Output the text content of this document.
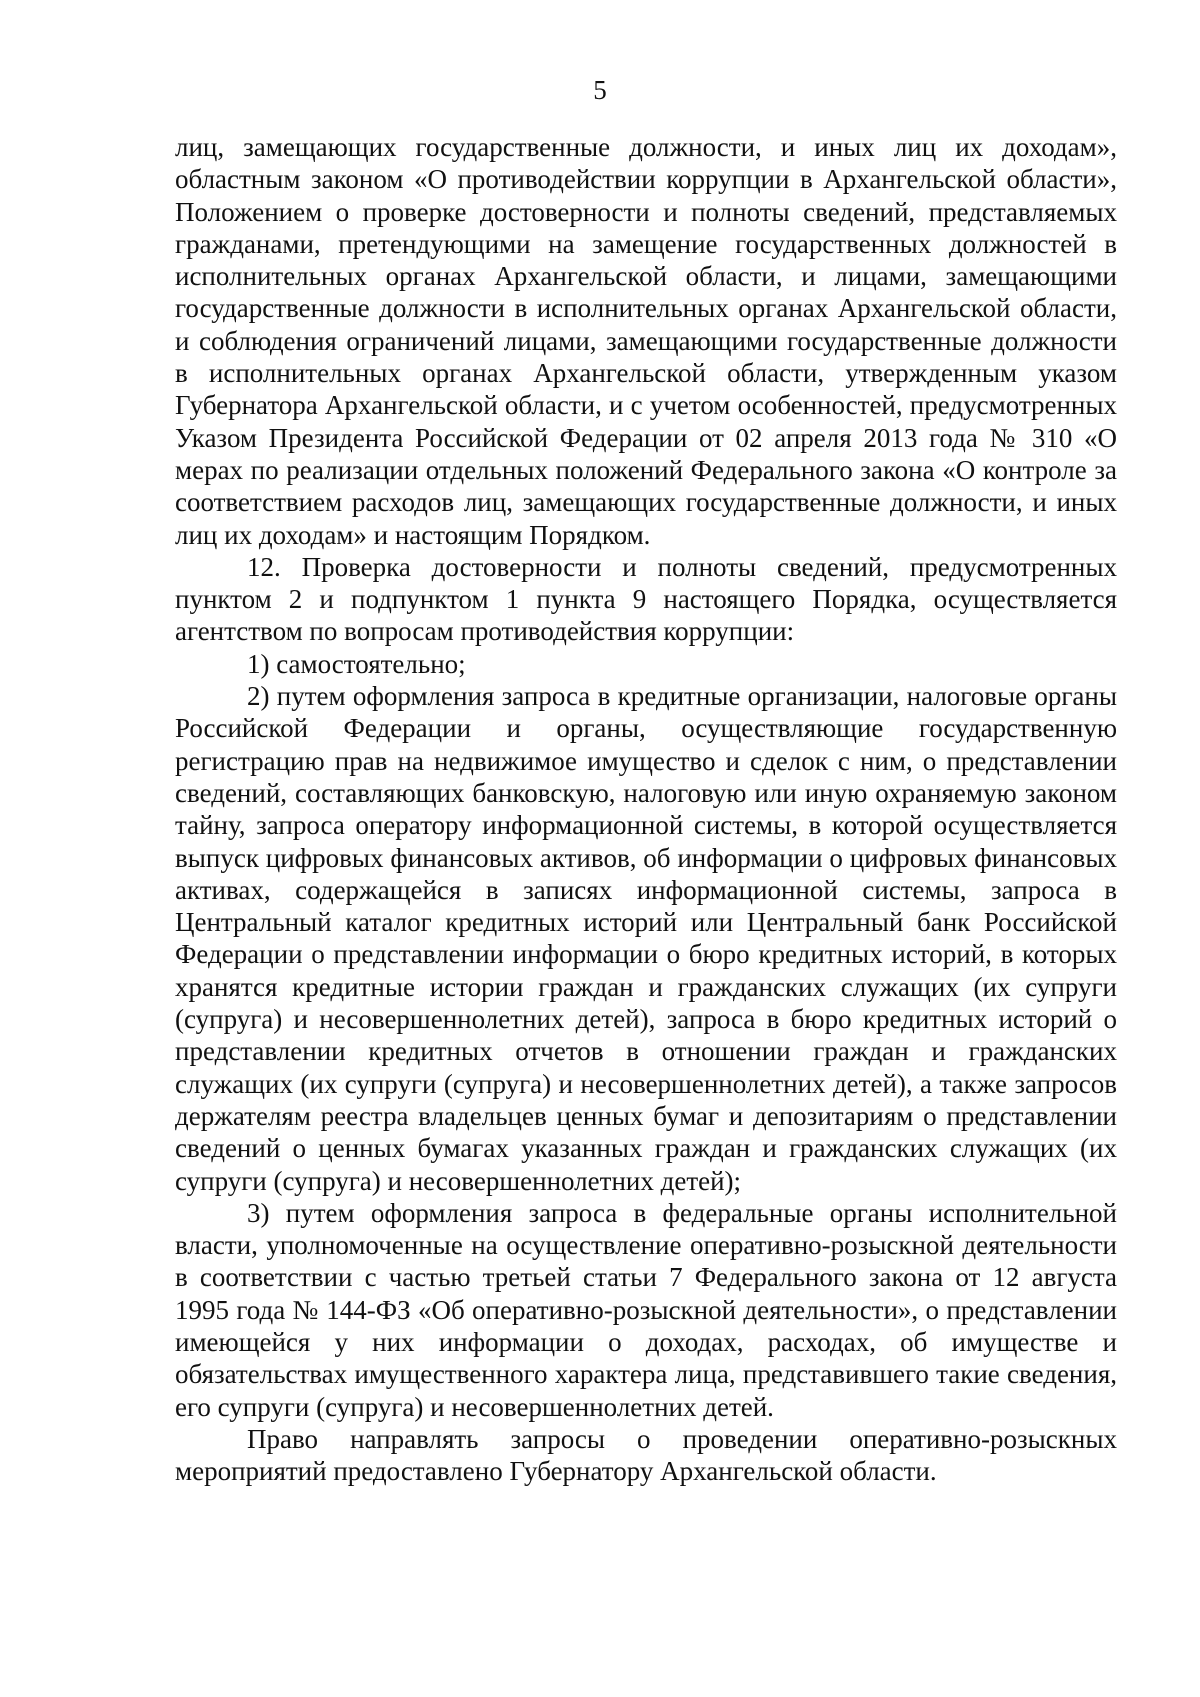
5

лиц, замещающих государственные должности, и иных лиц их доходам», областным законом «О противодействии коррупции в Архангельской области», Положением о проверке достоверности и полноты сведений, представляемых гражданами, претендующими на замещение государственных должностей в исполнительных органах Архангельской области, и лицами, замещающими государственные должности в исполнительных органах Архангельской области, и соблюдения ограничений лицами, замещающими государственные должности в исполнительных органах Архангельской области, утвержденным указом Губернатора Архангельской области, и с учетом особенностей, предусмотренных Указом Президента Российской Федерации от 02 апреля 2013 года № 310 «О мерах по реализации отдельных положений Федерального закона «О контроле за соответствием расходов лиц, замещающих государственные должности, и иных лиц их доходам» и настоящим Порядком.

12. Проверка достоверности и полноты сведений, предусмотренных пунктом 2 и подпунктом 1 пункта 9 настоящего Порядка, осуществляется агентством по вопросам противодействия коррупции:

1) самостоятельно;

2) путем оформления запроса в кредитные организации, налоговые органы Российской Федерации и органы, осуществляющие государственную регистрацию прав на недвижимое имущество и сделок с ним, о представлении сведений, составляющих банковскую, налоговую или иную охраняемую законом тайну, запроса оператору информационной системы, в которой осуществляется выпуск цифровых финансовых активов, об информации о цифровых финансовых активах, содержащейся в записях информационной системы, запроса в Центральный каталог кредитных историй или Центральный банк Российской Федерации о представлении информации о бюро кредитных историй, в которых хранятся кредитные истории граждан и гражданских служащих (их супруги (супруга) и несовершеннолетних детей), запроса в бюро кредитных историй о представлении кредитных отчетов в отношении граждан и гражданских служащих (их супруги (супруга) и несовершеннолетних детей), а также запросов держателям реестра владельцев ценных бумаг и депозитариям о представлении сведений о ценных бумагах указанных граждан и гражданских служащих (их супруги (супруга) и несовершеннолетних детей);

3) путем оформления запроса в федеральные органы исполнительной власти, уполномоченные на осуществление оперативно-розыскной деятельности в соответствии с частью третьей статьи 7 Федерального закона от 12 августа 1995 года № 144-ФЗ «Об оперативно-розыскной деятельности», о представлении имеющейся у них информации о доходах, расходах, об имуществе и обязательствах имущественного характера лица, представившего такие сведения, его супруги (супруга) и несовершеннолетних детей.

Право направлять запросы о проведении оперативно-розыскных мероприятий предоставлено Губернатору Архангельской области.
